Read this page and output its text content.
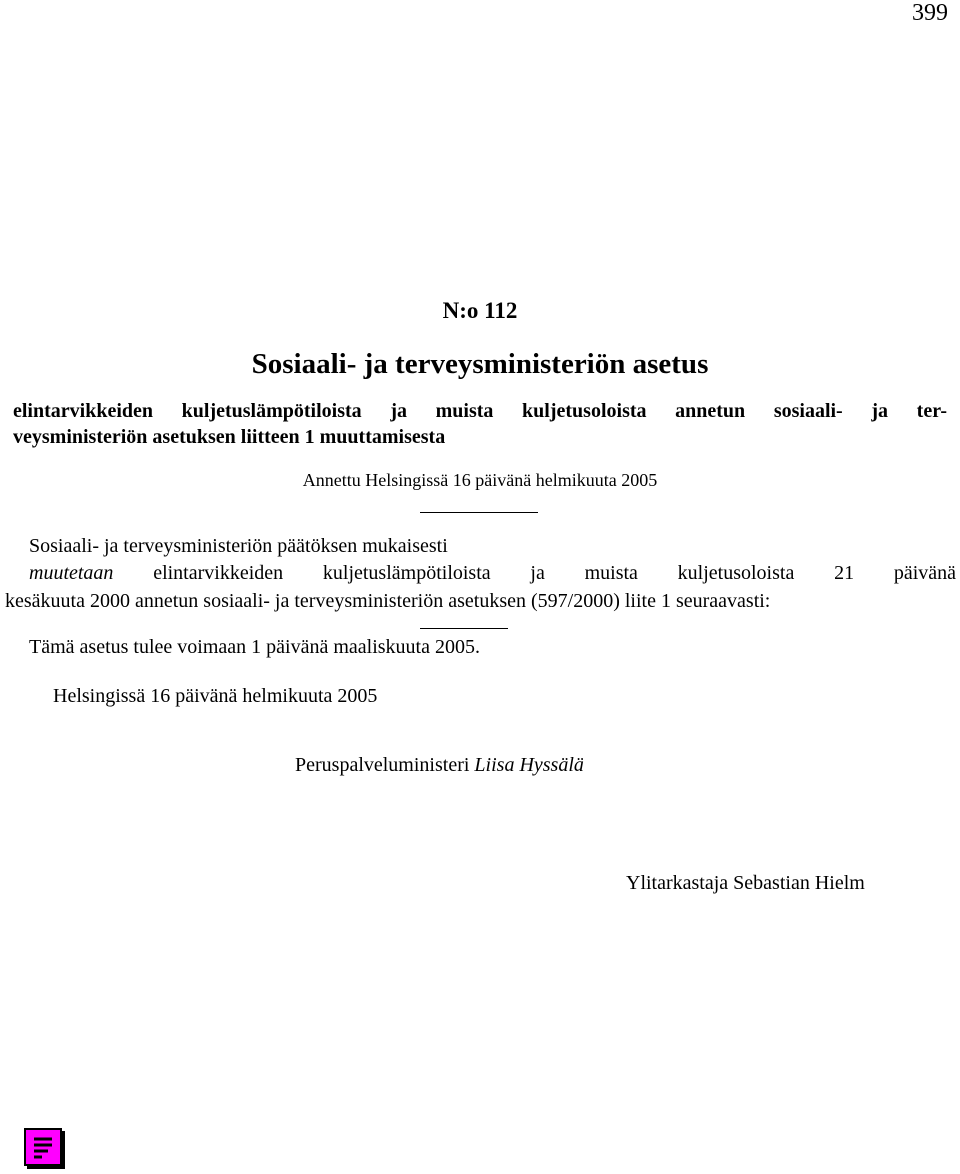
399
N:o 112
Sosiaali- ja terveysministeriön asetus
elintarvikkeiden kuljetuslämpötiloista ja muista kuljetusoloista annetun sosiaali- ja ter-
veysministeriön asetuksen liitteen 1 muuttamisesta
Annettu Helsingissä 16 päivänä helmikuuta 2005
Sosiaali- ja terveysministeriön päätöksen mukaisesti
muutetaan elintarvikkeiden kuljetuslämpötiloista ja muista kuljetusoloista 21 päivänä
kesäkuuta 2000 annetun sosiaali- ja terveysministeriön asetuksen (597/2000) liite 1 seuraavasti:
Tämä asetus tulee voimaan 1 päivänä maaliskuuta 2005.
Helsingissä 16 päivänä helmikuuta 2005
Peruspalveluministeri Liisa Hyssälä
Ylitarkastaja Sebastian Hielm
